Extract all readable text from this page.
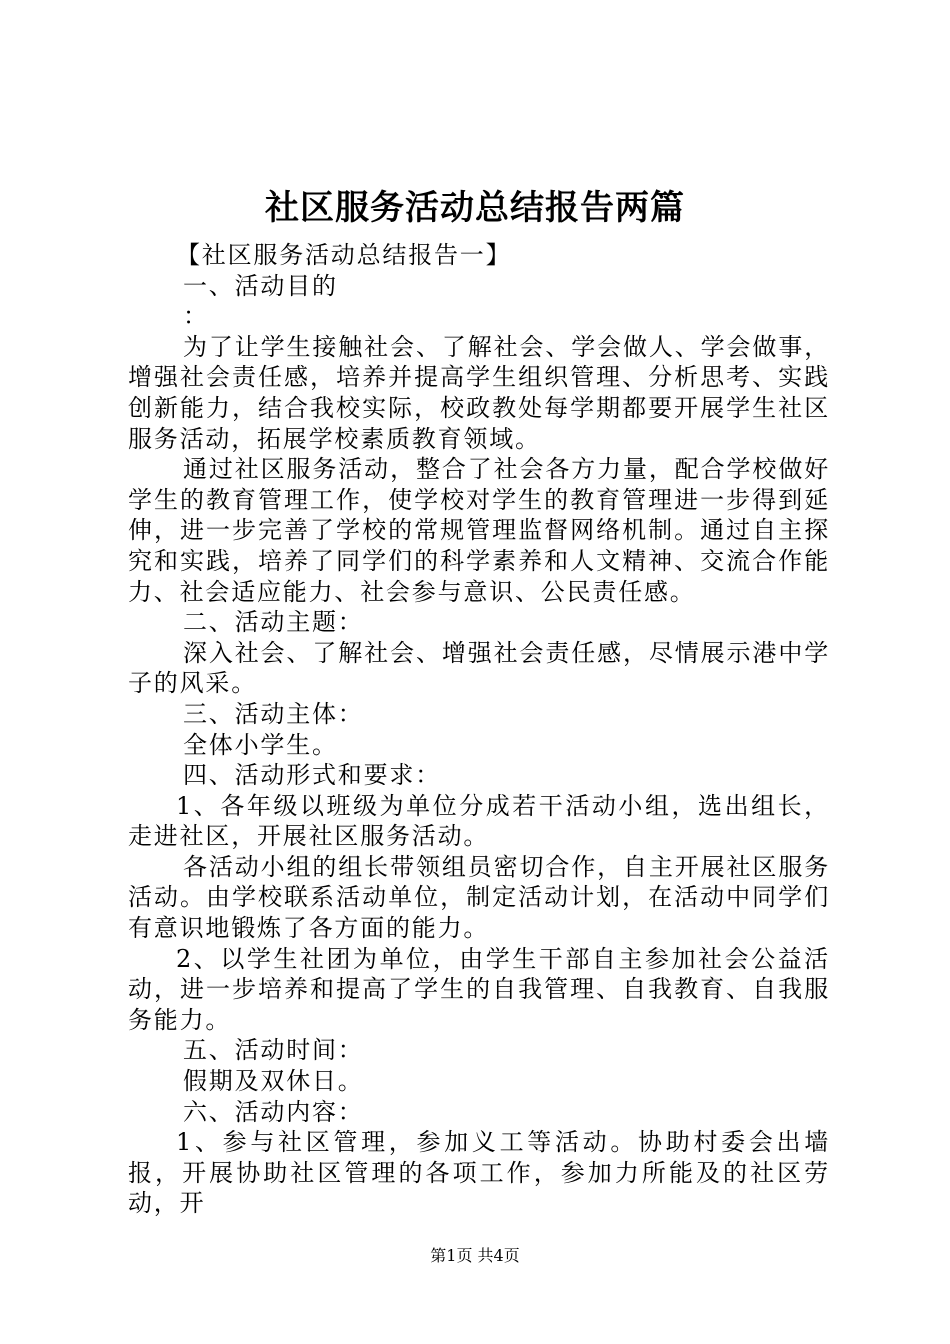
社区服务活动总结报告两篇

【社区服务活动总结报告一】

一、活动目的

：

为了让学生接触社会、了解社会、学会做人、学会做事，增强社会责任感，培养并提高学生组织管理、分析思考、实践创新能力，结合我校实际，校政教处每学期都要开展学生社区服务活动，拓展学校素质教育领域。

通过社区服务活动，整合了社会各方力量，配合学校做好学生的教育管理工作，使学校对学生的教育管理进一步得到延伸，进一步完善了学校的常规管理监督网络机制。通过自主探究和实践，培养了同学们的科学素养和人文精神、交流合作能力、社会适应能力、社会参与意识、公民责任感。

二、活动主题：

深入社会、了解社会、增强社会责任感，尽情展示港中学子的风采。

三、活动主体：

全体小学生。

四、活动形式和要求：

1、各年级以班级为单位分成若干活动小组，选出组长，走进社区，开展社区服务活动。

各活动小组的组长带领组员密切合作，自主开展社区服务活动。由学校联系活动单位，制定活动计划，在活动中同学们有意识地锻炼了各方面的能力。

2、以学生社团为单位，由学生干部自主参加社会公益活动，进一步培养和提高了学生的自我管理、自我教育、自我服务能力。

五、活动时间：

假期及双休日。

六、活动内容：

1、参与社区管理，参加义工等活动。协助村委会出墙报，开展协助社区管理的各项工作，参加力所能及的社区劳动，开

第1页 共4页
